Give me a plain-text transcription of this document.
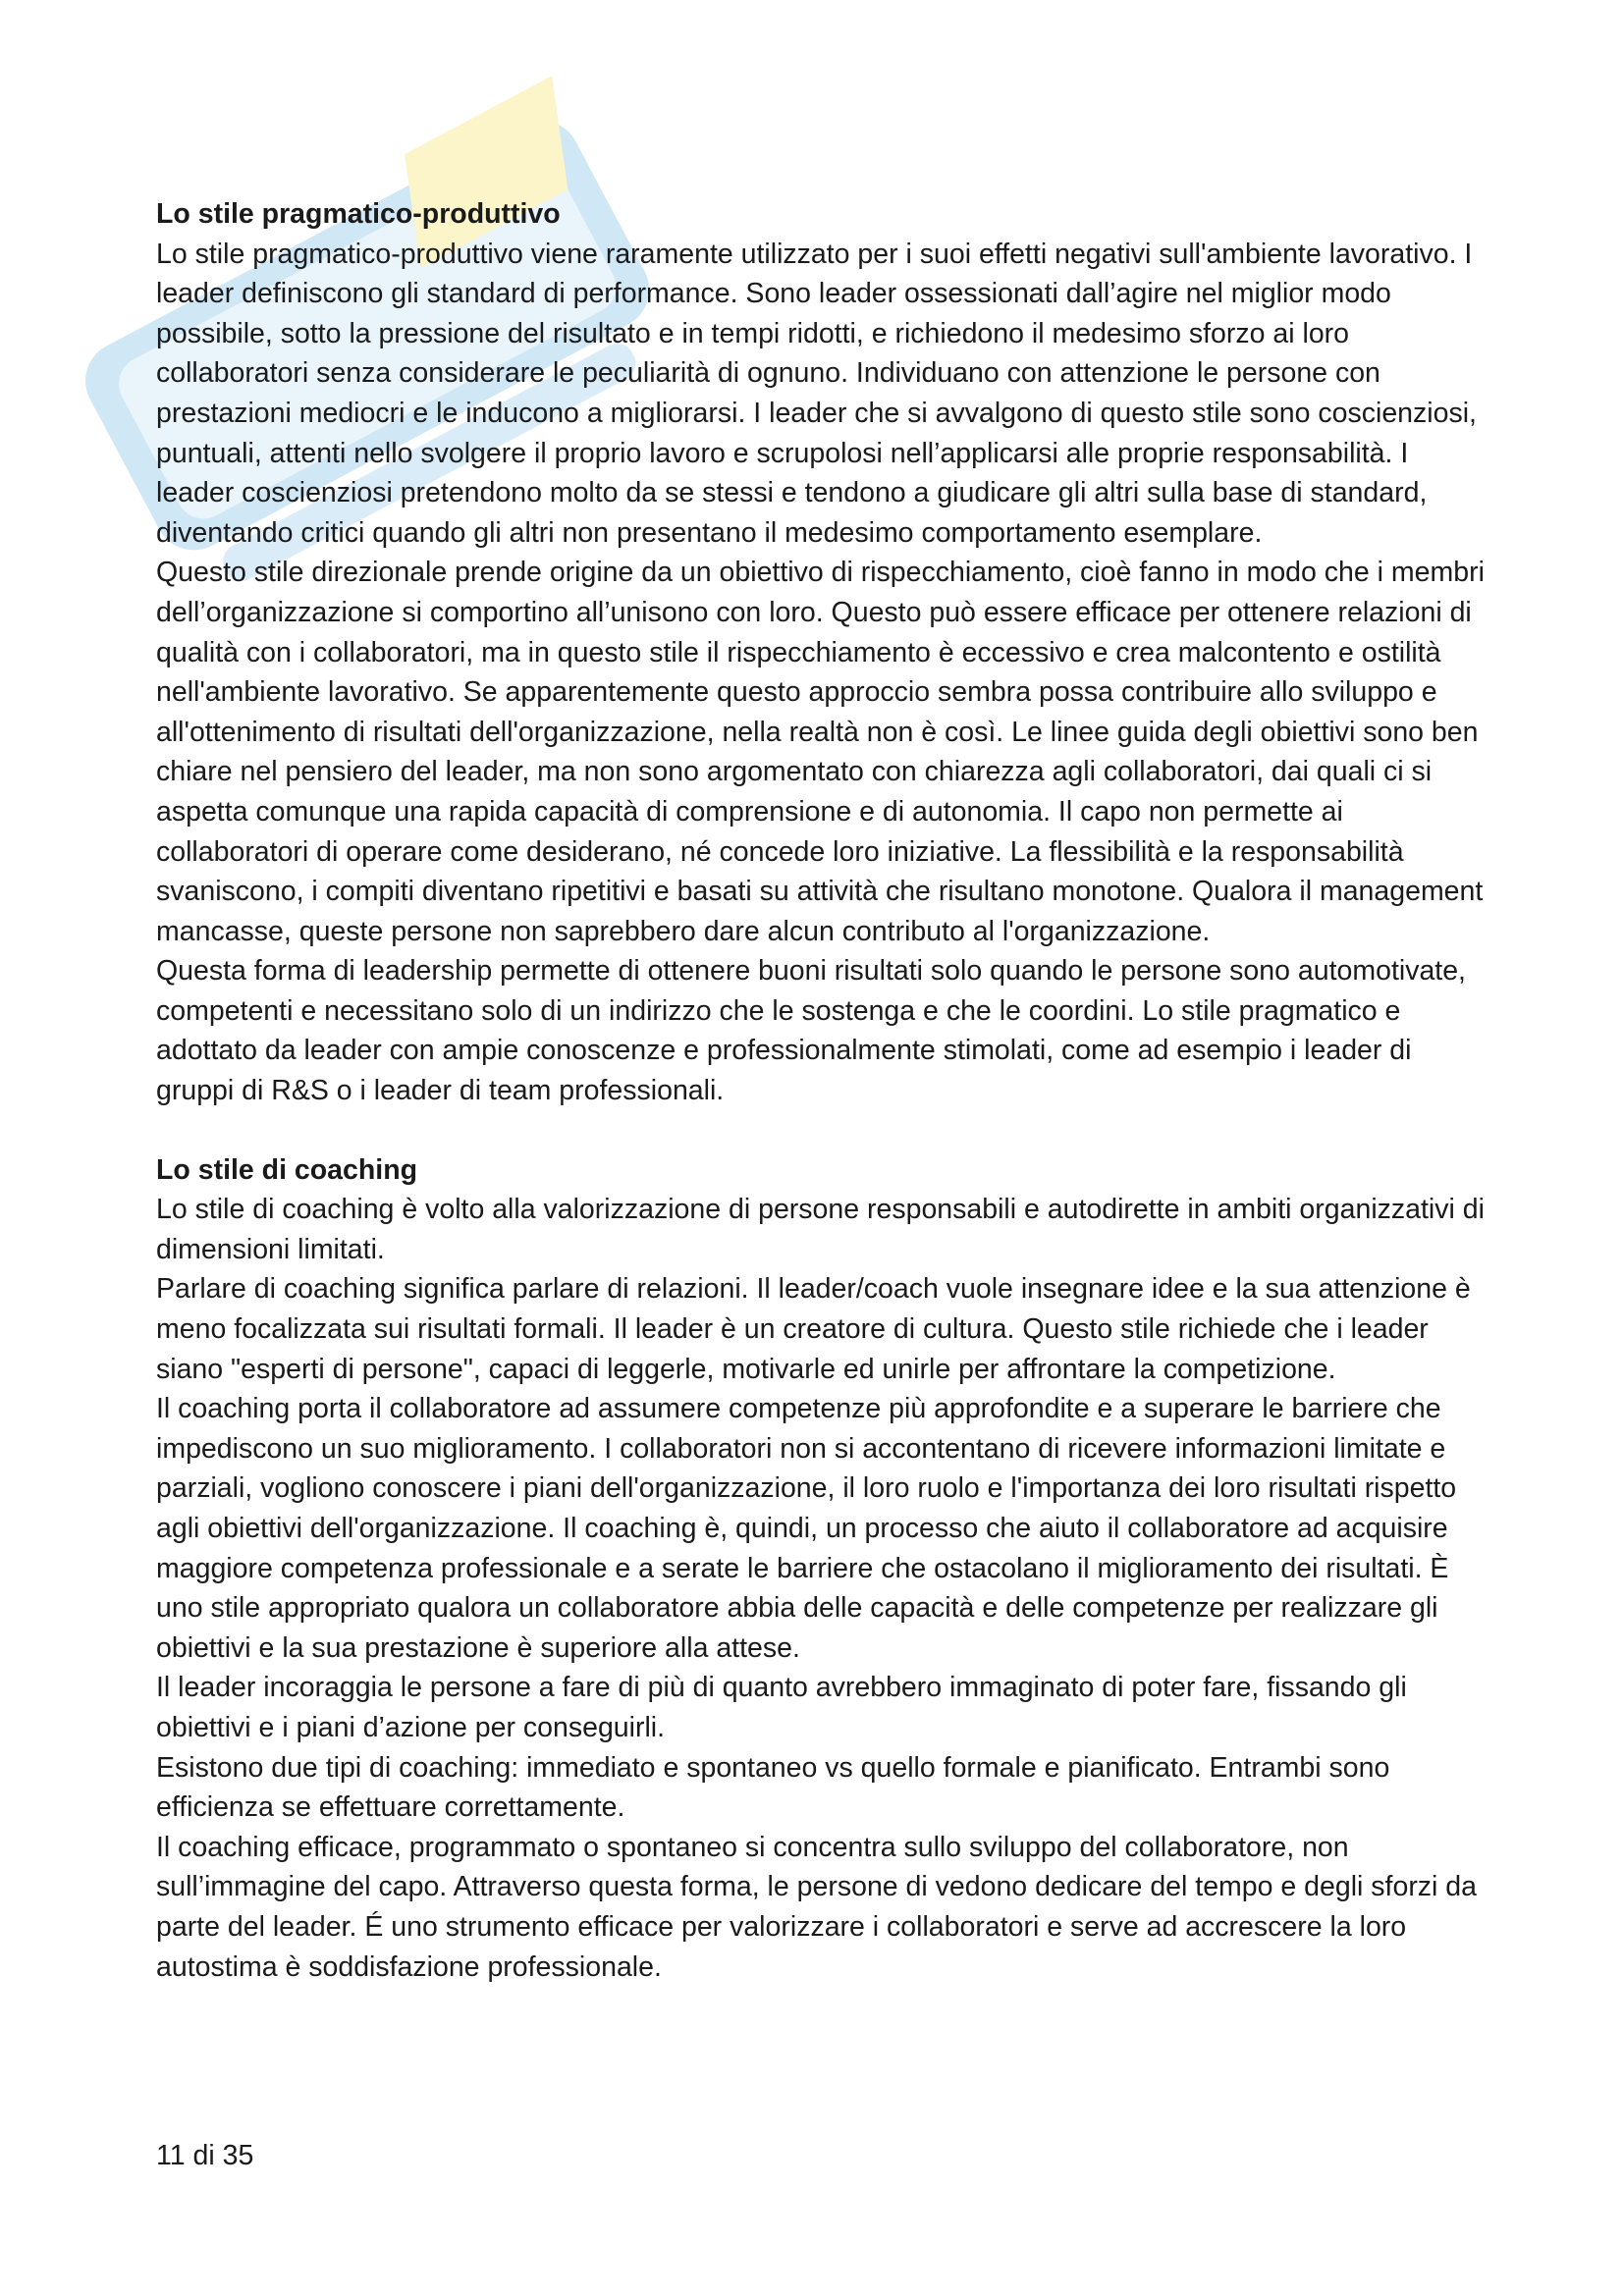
Lo stile pragmatico-produttivo

Lo stile pragmatico-produttivo viene raramente utilizzato per i suoi effetti negativi sull'ambiente lavorativo. I leader definiscono gli standard di performance. Sono leader ossessionati dall’agire nel miglior modo possibile, sotto la pressione del risultato e in tempi ridotti, e richiedono il medesimo sforzo ai loro collaboratori senza considerare le peculiarità di ognuno. Individuano con attenzione le persone con prestazioni mediocri e le inducono a migliorarsi. I leader che si avvalgono di questo stile sono coscienziosi, puntuali, attenti nello svolgere il proprio lavoro e scrupolosi nell’applicarsi alle proprie responsabilità. I leader coscienziosi pretendono molto da se stessi e tendono a giudicare gli altri sulla base di standard, diventando critici quando gli altri non presentano il medesimo comportamento esemplare.

Questo stile direzionale prende origine da un obiettivo di rispecchiamento, cioè fanno in modo che i membri dell’organizzazione si comportino all’unisono con loro. Questo può essere efficace per ottenere relazioni di qualità con i collaboratori, ma in questo stile il rispecchiamento è eccessivo e crea malcontento e ostilità nell'ambiente lavorativo. Se apparentemente questo approccio sembra possa contribuire allo sviluppo e all'ottenimento di risultati dell'organizzazione, nella realtà non è così. Le linee guida degli obiettivi sono ben chiare nel pensiero del leader, ma non sono argomentato con chiarezza agli collaboratori, dai quali ci si aspetta comunque una rapida capacità di comprensione e di autonomia. Il capo non permette ai collaboratori di operare come desiderano, né concede loro iniziative. La flessibilità e la responsabilità svaniscono, i compiti diventano ripetitivi e basati su attività che risultano monotone. Qualora il management mancasse, queste persone non saprebbero dare alcun contributo al l'organizzazione.

Questa forma di leadership permette di ottenere buoni risultati solo quando le persone sono automotivate, competenti e necessitano solo di un indirizzo che le sostenga e che le coordini. Lo stile pragmatico e adottato da leader con ampie conoscenze e professionalmente stimolati, come ad esempio i leader di gruppi di R&S o i leader di team professionali.

Lo stile di coaching

Lo stile di coaching è volto alla valorizzazione di persone responsabili e autodirette in ambiti organizzativi di dimensioni limitati.

Parlare di coaching significa parlare di relazioni. Il leader/coach vuole insegnare idee e la sua attenzione è meno focalizzata sui risultati formali. Il leader è un creatore di cultura. Questo stile richiede che i leader siano "esperti di persone", capaci di leggerle, motivarle ed unirle per affrontare la competizione.

Il coaching porta il collaboratore ad assumere competenze più approfondite e a superare le barriere che impediscono un suo miglioramento. I collaboratori non si accontentano di ricevere informazioni limitate e parziali, vogliono conoscere i piani dell'organizzazione, il loro ruolo e l'importanza dei loro risultati rispetto agli obiettivi dell'organizzazione. Il coaching è, quindi, un processo che aiuto il collaboratore ad acquisire maggiore competenza professionale e a serate le barriere che ostacolano il miglioramento dei risultati. È uno stile appropriato qualora un collaboratore abbia delle capacità e delle competenze per realizzare gli obiettivi e la sua prestazione è superiore alla attese.

Il leader incoraggia le persone a fare di più di quanto avrebbero immaginato di poter fare, fissando gli obiettivi e i piani d’azione per conseguirli.

Esistono due tipi di coaching: immediato e spontaneo vs quello formale e pianificato. Entrambi sono efficienza se effettuare correttamente.

Il coaching efficace, programmato o spontaneo si concentra sullo sviluppo del collaboratore, non sull’immagine del capo. Attraverso questa forma, le persone di vedono dedicare del tempo e degli sforzi da parte del leader. É uno strumento efficace per valorizzare i collaboratori e serve ad accrescere la loro autostima è soddisfazione professionale.

11 di 35
